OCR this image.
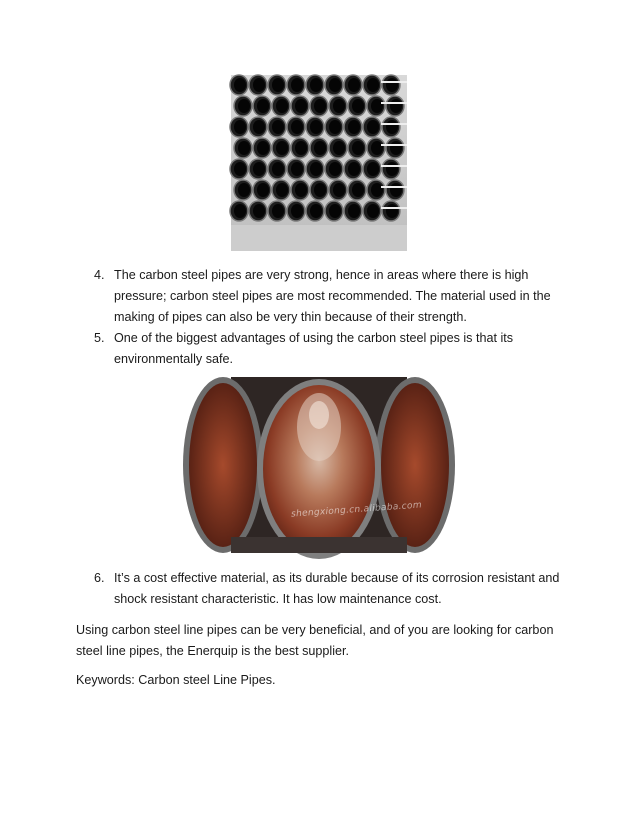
4. The carbon steel pipes are very strong, hence in areas where there is high pressure; carbon steel pipes are most recommended. The material used in the making of pipes can also be very thin because of their strength.
5. One of the biggest advantages of using the carbon steel pipes is that its environmentally safe.
shengxiong.cn.alibaba.com
6. It’s a cost effective material, as its durable because of its corrosion resistant and shock resistant characteristic. It has low maintenance cost.

Using carbon steel line pipes can be very beneficial, and of you are looking for carbon steel line pipes, the Enerquip is the best supplier.

Keywords: Carbon steel Line Pipes.
